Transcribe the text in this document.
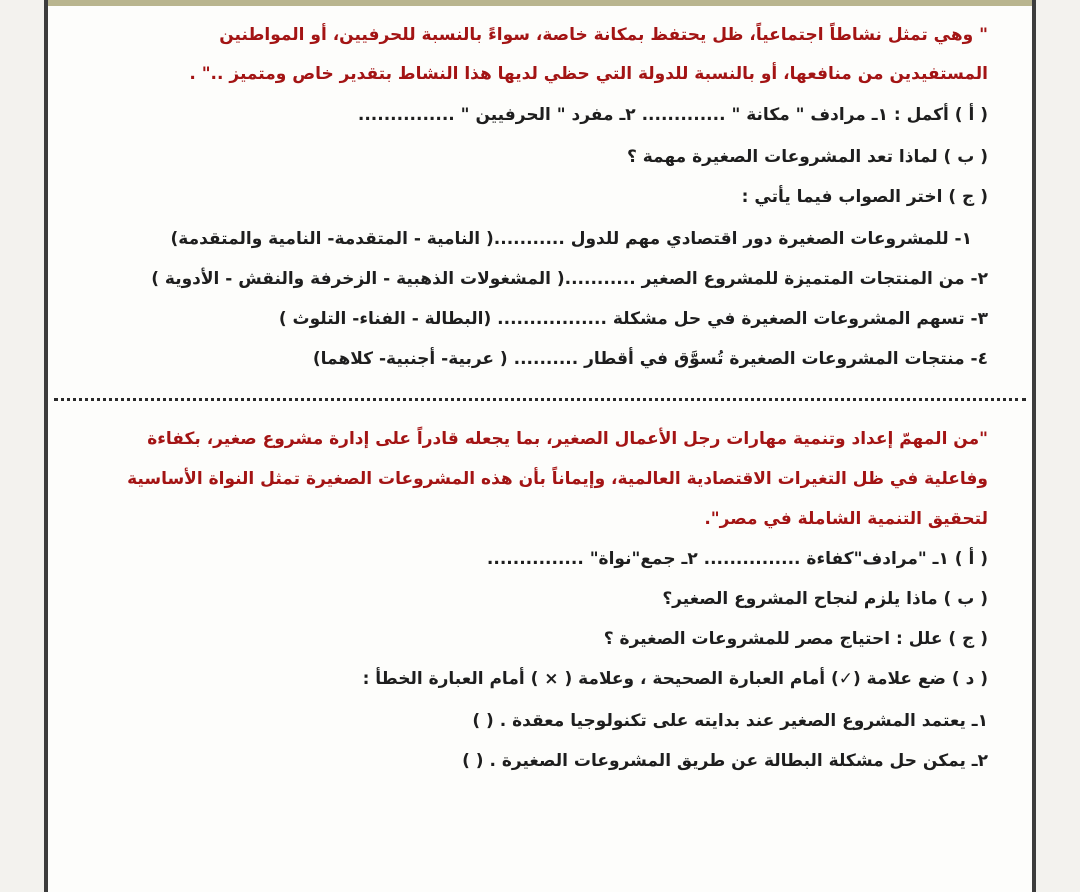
" وهي تمثل نشاطاً اجتماعياً، ظل يحتفظ بمكانة خاصة، سواءً بالنسبة للحرفيين، أو المواطنين
المستفيدين من منافعها، أو بالنسبة للدولة التي حظي لديها هذا النشاط بتقدير خاص ومتميز .." .
( أ ) أكمل : ١ـ مرادف " مكانة " ............. ٢ـ مفرد " الحرفيين " ...............
( ب ) لماذا تعد المشروعات الصغيرة مهمة ؟
( ج ) اختر الصواب فيما يأتي :
١- للمشروعات الصغيرة دور اقتصادي مهم للدول ...........( النامية - المتقدمة- النامية والمتقدمة)
٢- من المنتجات المتميزة للمشروع الصغير ...........( المشغولات الذهبية - الزخرفة والنقش - الأدوية )
٣- تسهم المشروعات الصغيرة في حل مشكلة ................. (البطالة - الفناء- التلوث )
٤- منتجات المشروعات الصغيرة تُسوَّق في أقطار .......... ( عربية- أجنبية- كلاهما)
"من المهمّ إعداد وتنمية مهارات رجل الأعمال الصغير، بما يجعله قادراً على إدارة مشروع صغير، بكفاءة
وفاعلية في ظل التغيرات الاقتصادية العالمية، وإيماناً بأن هذه المشروعات الصغيرة تمثل النواة الأساسية
لتحقيق التنمية الشاملة في مصر".
( أ ) ١ـ "مرادف"كفاءة ............... ٢ـ جمع"نواة" ...............
( ب ) ماذا يلزم لنجاح المشروع الصغير؟
( ج ) علل : احتياج مصر للمشروعات الصغيرة ؟
( د ) ضع علامة (✓) أمام العبارة الصحيحة ، وعلامة ( × ) أمام العبارة الخطأ :
١ـ يعتمد المشروع الصغير عند بدايته على تكنولوجيا معقدة . ( )
٢ـ يمكن حل مشكلة البطالة عن طريق المشروعات الصغيرة . ( )
